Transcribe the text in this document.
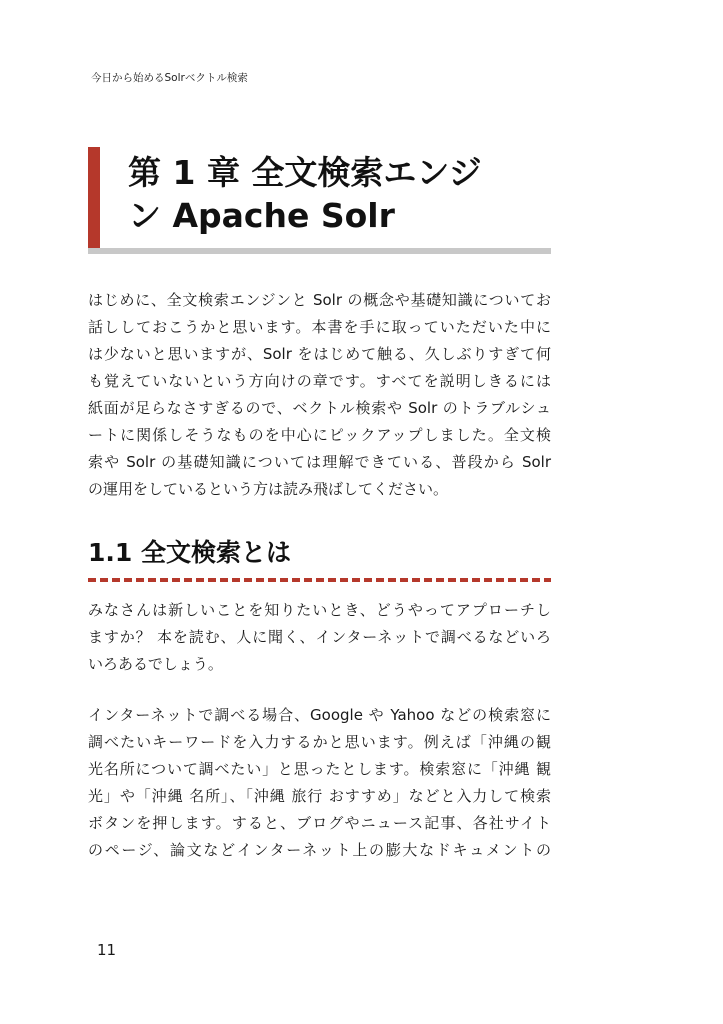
今日から始めるSolrベクトル検索
第 1 章 全文検索エンジ
ン Apache Solr
はじめに、全文検索エンジンと Solr の概念や基礎知識についてお
話ししておこうかと思います。本書を手に取っていただいた中に
は少ないと思いますが、Solr をはじめて触る、久しぶりすぎて何
も覚えていないという方向けの章です。すべてを説明しきるには
紙面が足らなさすぎるので、ベクトル検索や Solr のトラブルシュ
ートに関係しそうなものを中心にピックアップしました。全文検
索や Solr の基礎知識については理解できている、普段から Solr
の運用をしているという方は読み飛ばしてください。
1.1 全文検索とは
みなさんは新しいことを知りたいとき、どうやってアプローチし
ますか？ 本を読む、人に聞く、インターネットで調べるなどいろ
いろあるでしょう。
インターネットで調べる場合、Google や Yahoo などの検索窓に
調べたいキーワードを入力するかと思います。例えば「沖縄の観
光名所について調べたい」と思ったとします。検索窓に「沖縄 観
光」や「沖縄 名所」、「沖縄 旅行 おすすめ」などと入力して検索
ボタンを押します。すると、ブログやニュース記事、各社サイト
のページ、論文などインターネット上の膨大なドキュメントの
11
